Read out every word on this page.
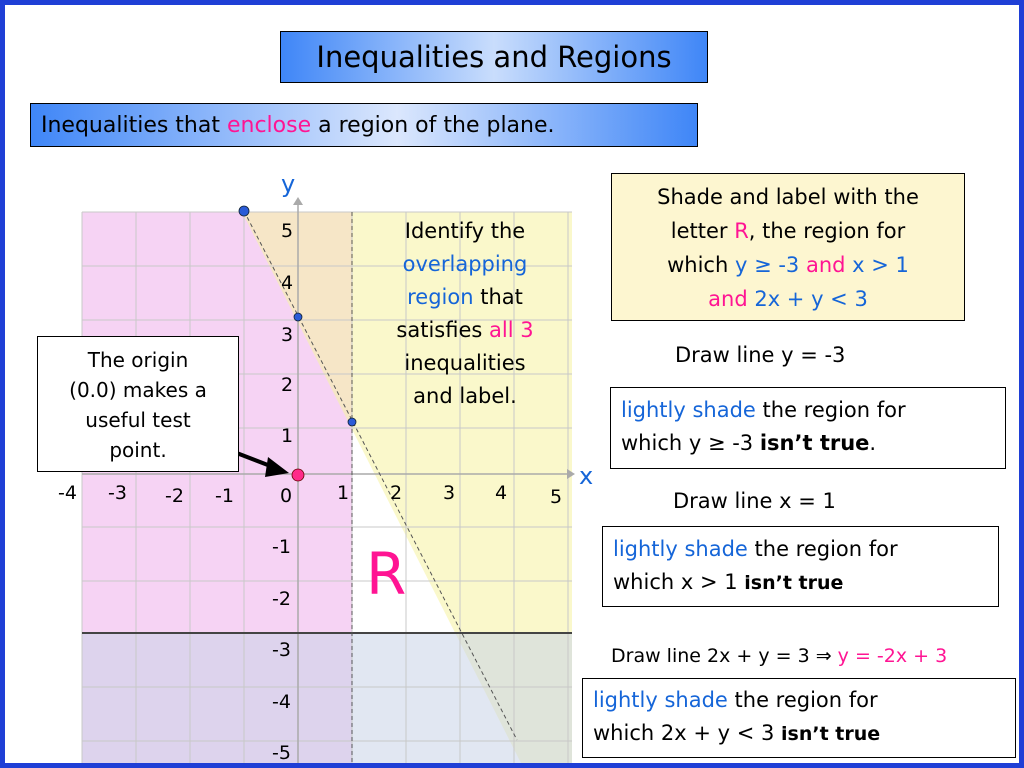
y
x
-4 -3 -2 -1 0 1 2 3 4 5
5
4
3
2
1
-1
-2
-3
-4
-5
R
Inequalities and Regions
Inequalities that enclose a region of the plane.
The origin
(0.0) makes a
useful test
point.
Identify the
overlapping
region that
satisfies all 3
inequalities
and label.
Shade and label with the
letter R, the region for
which y ≥ -3 and x > 1
and 2x + y < 3
Draw line y = -3
lightly shade the region for
which y ≥ -3 isn’t true.
Draw line x = 1
lightly shade the region for
which x > 1 isn’t true
Draw line 2x + y = 3 ⇒ y = -2x + 3
lightly shade the region for
which 2x + y < 3 isn’t true
